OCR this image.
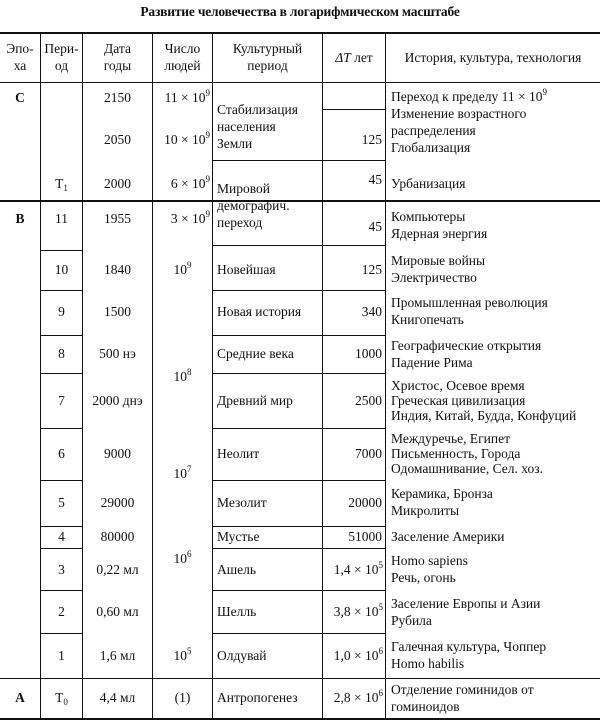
Развитие человечества в логарифмическом масштабе
Эпо-
ха
Пери-
од
Дата
годы
Число
людей
Культурный
период
ΔT лет	История, культура, технология
C
B
A
$T_1$
11
10
9
8
7
6
5
4
3
2
1
$T_0$
2150
2050
2000
1955
1840
1500
500 нэ
2000 днэ
9000
29000
80000
0,22 мл
0,60 мл
1,6 мл
4,4 мл
$11 \times 10^9$
$10 \times 10^9$
$6 \times 10^9$
$3 \times 10^9$
$10^9$
$10^8$
$10^7$
$10^6$
$10^5$
(1)
Стабилизация
населения
Земли
Мировой
демографич.
переход
Новейшая
Новая история
Средние века
Древний мир
Неолит
Мезолит
Мустье
Ашель
Шелль
Олдувай
Антропогенез
125
45
45
125
340
1000
2500
7000
20000
51000
$1,4 \times 10^5$
$3,8 \times 10^5$
$1,0 \times 10^6$
$2,8 \times 10^6$
Переход к пределу $11 \times 10^9$
Изменение возрастного
распределения
Глобализация
Урбанизация
Компьютеры
Ядерная энергия
Мировые войны
Электричество
Промышленная революция
Книгопечать
Географические открытия
Падение Рима
Христос, Осевое время
Греческая цивилизация
Индия, Китай, Будда, Конфуций
Междуречье, Египет
Письменность, Города
Одомашнивание, Сел. хоз.
Керамика, Бронза
Микролиты
Заселение Америки
Homo sapiens
Речь, огонь
Заселение Европы и Азии
Рубила
Галечная культура, Чоппер
Homo habilis
Отделение гоминидов от
гоминоидов
